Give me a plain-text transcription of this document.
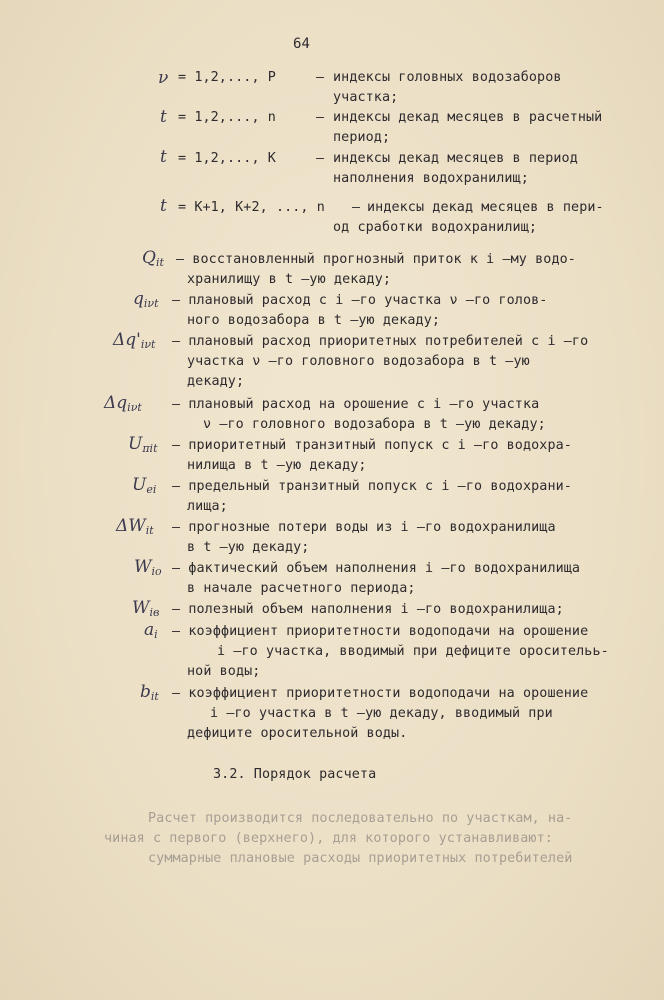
64
ν = 1,2,..., P	– индексы головных водозаборов
участка;
t = 1,2,..., n	– индексы декад месяцев в расчетный
период;
t = 1,2,..., K	– индексы декад месяцев в период
наполнения водохранилищ;
t = K+1, K+2, ..., n – индексы декад месяцев в пери-
од сработки водохранилищ;
$Q_{it}$ – восстановленный прогнозный приток к i –му водо-
хранилищу в t –ую декаду;
$q_{i\nu t}$ – плановый расход с i –го участка ν –го голов-
ного водозабора в t –ую декаду;
$\Delta q'_{i\nu t}$ – плановый расход приоритетных потребителей с i –го
участка ν –го головного водозабора в t –ую
декаду;
$\Delta q_{i\nu t}$ – плановый расход на орошение с i –го участка
ν –го головного водозабора в t –ую декаду;
$U_{\pi it}$ – приоритетный транзитный попуск с i –го водохра-
нилища в t –ую декаду;
$U_{ei}$ – предельный транзитный попуск с i –го водохрани-
лища;
$\Delta W_{it}$ – прогнозные потери воды из i –го водохранилища
в t –ую декаду;
$W_{io}$ – фактический объем наполнения i –го водохранилища
в начале расчетного периода;
$W_{iв}$ – полезный объем наполнения i –го водохранилища;
$a_i$ – коэффициент приоритетности водоподачи на орошение
i –го участка, вводимый при дефиците оросительь-
ной воды;
$b_{it}$ – коэффициент приоритетности водоподачи на орошение
i –го участка в t –ую декаду, вводимый при
дефиците оросительной воды.
3.2. Порядок расчета
Расчет производится последовательно по участкам, на-
чиная с первого (верхнего), для которого устанавливают:
суммарные плановые расходы приоритетных потребителей
